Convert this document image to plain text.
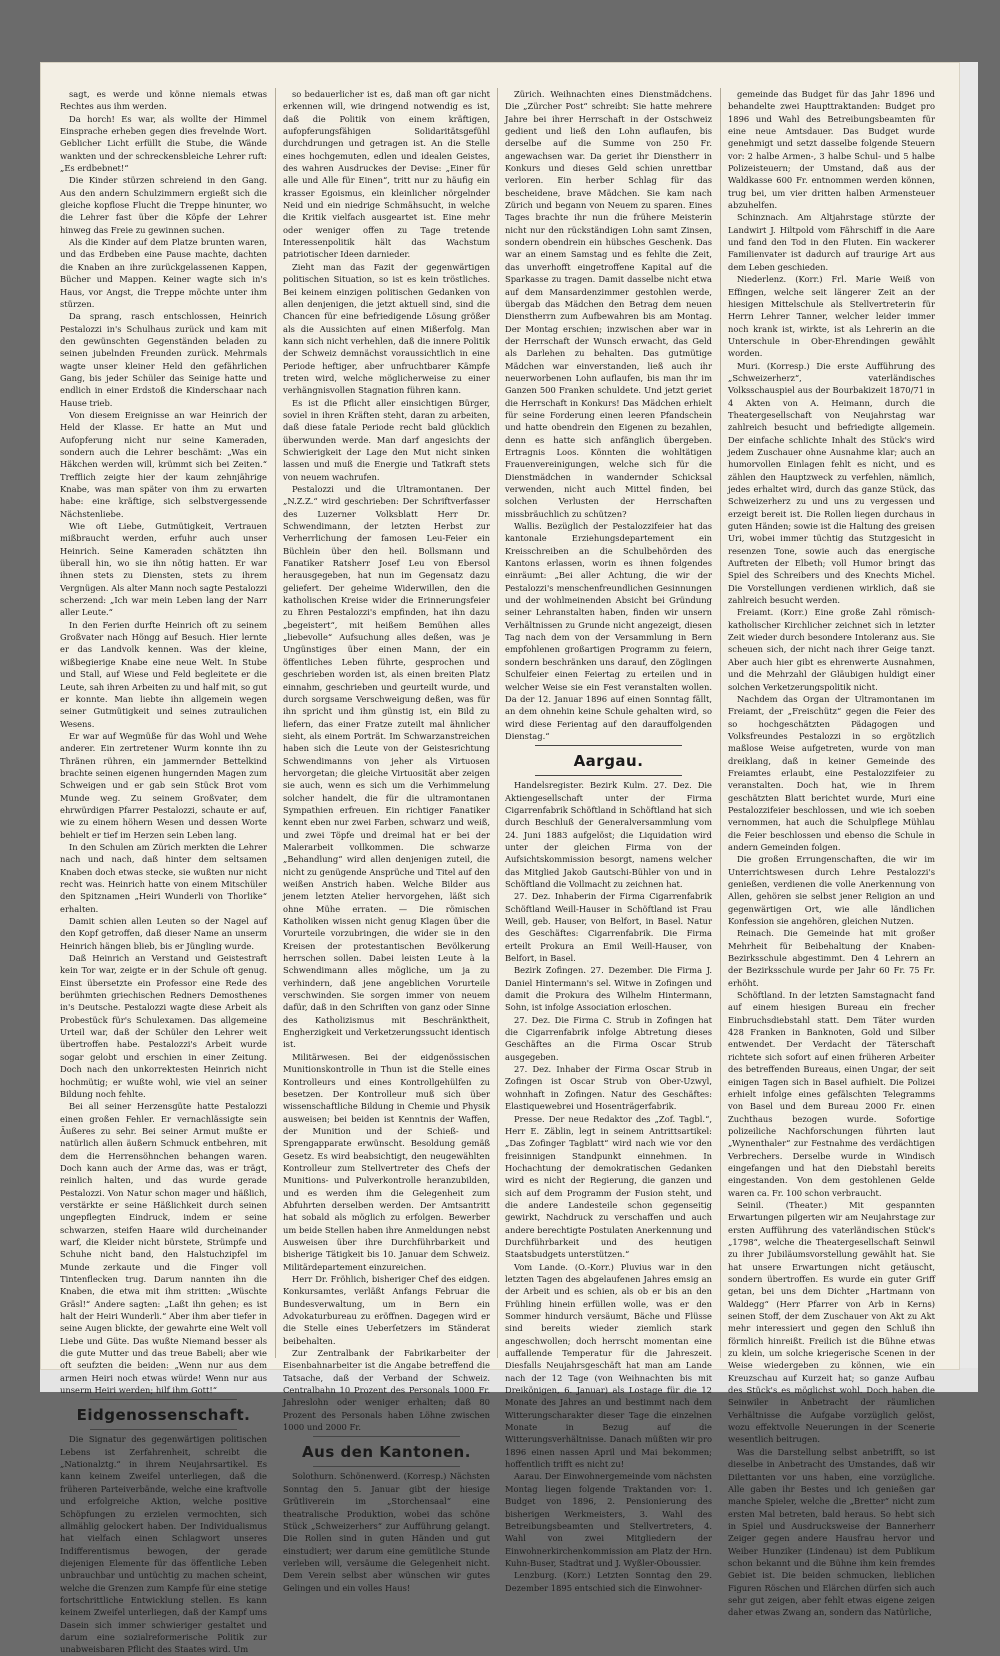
sagt, es werde und könne niemals etwas Rechtes aus ihm werden.

Da horch! Es war, als wollte der Himmel Einsprache erheben gegen dies frevelnde Wort. Geblicher Licht erfüllt die Stube, die Wände wankten und der schreckensbleiche Lehrer ruft: „Es erdbebnet!“

Die Kinder stürzen schreiend in den Gang. Aus den andern Schulzimmern ergießt sich die gleiche kopflose Flucht die Treppe hinunter, wo die Lehrer fast über die Köpfe der Lehrer hinweg das Freie zu gewinnen suchen.

Als die Kinder auf dem Platze brunten waren, und das Erdbeben eine Pause machte, dachten die Knaben an ihre zurückgelassenen Kappen, Bücher und Mappen. Keiner wagte sich in's Haus, vor Angst, die Treppe möchte unter ihm stürzen.

Da sprang, rasch entschlossen, Heinrich Pestalozzi in's Schulhaus zurück und kam mit den gewünschten Gegenständen beladen zu seinen jubelnden Freunden zurück. Mehrmals wagte unser kleiner Held den gefährlichen Gang, bis jeder Schüler das Seinige hatte und endlich in einer Erdstoß die Kinderschaar nach Hause trieb.

Von diesem Ereignisse an war Heinrich der Held der Klasse. Er hatte an Mut und Aufopferung nicht nur seine Kameraden, sondern auch die Lehrer beschämt: „Was ein Häkchen werden will, krümmt sich bei Zeiten.“ Trefflich zeigte hier der kaum zehnjährige Knabe, was man später von ihm zu erwarten habe: eine kräftige, sich selbstvergessende Nächstenliebe.

Wie oft Liebe, Gutmütigkeit, Vertrauen mißbraucht werden, erfuhr auch unser Heinrich. Seine Kameraden schätzten ihn überall hin, wo sie ihn nötig hatten. Er war ihnen stets zu Diensten, stets zu ihrem Vergnügen. Als alter Mann noch sagte Pestalozzi scherzend: „Ich war mein Leben lang der Narr aller Leute.“

In den Ferien durfte Heinrich oft zu seinem Großvater nach Höngg auf Besuch. Hier lernte er das Landvolk kennen. Was der kleine, wißbegierige Knabe eine neue Welt. In Stube und Stall, auf Wiese und Feld begleitete er die Leute, sah ihren Arbeiten zu und half mit, so gut er konnte. Man liebte ihn allgemein wegen seiner Gutmütigkeit und seines zutraulichen Wesens.

Er war auf Wegmüße für das Wohl und Wehe anderer. Ein zertretener Wurm konnte ihn zu Thränen rühren, ein jammernder Bettelkind brachte seinen eigenen hungernden Magen zum Schweigen und er gab sein Stück Brot vom Munde weg. Zu seinem Großvater, dem ehrwürdigen Pfarrer Pestalozzi, schaute er auf, wie zu einem höhern Wesen und dessen Worte behielt er tief im Herzen sein Leben lang.

In den Schulen am Zürich merkten die Lehrer nach und nach, daß hinter dem seltsamen Knaben doch etwas stecke, sie wußten nur nicht recht was. Heinrich hatte von einem Mitschüler den Spitznamen „Heiri Wunderli von Thorlike“ erhalten.

Damit schien allen Leuten so der Nagel auf den Kopf getroffen, daß dieser Name an unserm Heinrich hängen blieb, bis er Jüngling wurde.

Daß Heinrich an Verstand und Geistestraft kein Tor war, zeigte er in der Schule oft genug. Einst übersetzte ein Professor eine Rede des berühmten griechischen Redners Demosthenes in's Deutsche. Pestalozzi wagte diese Arbeit als Probestück für's Schulexamen. Das allgemeine Urteil war, daß der Schüler den Lehrer weit übertroffen habe. Pestalozzi's Arbeit wurde sogar gelobt und erschien in einer Zeitung. Doch nach den unkorrektesten Heinrich nicht hochmütig; er wußte wohl, wie viel an seiner Bildung noch fehlte.

Bei all seiner Herzensgüte hatte Pestalozzi einen großen Fehler. Er vernachlässigte sein Äußeres zu sehr. Bei seiner Armut mußte er natürlich allen äußern Schmuck entbehren, mit dem die Herrensöhnchen behangen waren. Doch kann auch der Arme das, was er trägt, reinlich halten, und das wurde gerade Pestalozzi. Von Natur schon mager und häßlich, verstärkte er seine Häßlichkeit durch seinen ungepflegten Eindruck, indem er seine schwarzen, steifen Haare wild durcheinander warf, die Kleider nicht bürstete, Strümpfe und Schuhe nicht band, den Halstuchzipfel im Munde zerkaute und die Finger voll Tintenflecken trug. Darum nannten ihn die Knaben, die etwa mit ihm stritten: „Wüschte Gräsl!“ Andere sagten: „Laßt ihn gehen; es ist halt der Heiri Wunderli.“ Aber ihm aber tiefer in seine Augen blickte, der gewahrte eine Welt voll Liebe und Güte. Das wußte Niemand besser als die gute Mutter und das treue Babeli; aber wie oft seufzten die beiden: „Wenn nur aus dem armen Heiri noch etwas würde! Wenn nur aus unserm Heiri werden; hilf ihm Gott!“

Eidgenossenschaft.

Die Signatur des gegenwärtigen politischen Lebens ist Zerfahrenheit, schreibt die „Nationalztg.“ in ihrem Neujahrsartikel. Es kann keinem Zweifel unterliegen, daß die früheren Parteiverbände, welche eine kraftvolle und erfolgreiche Aktion, welche positive Schöpfungen zu erzielen vermochten, sich allmählig gelockert haben. Der Individualismus hat vielfach einen Schlagwort unseres Indifferentismus bewogen, der gerade diejenigen Elemente für das öffentliche Leben unbrauchbar und untüchtig zu machen scheint, welche die Grenzen zum Kampfe für eine stetige fortschrittliche Entwicklung stellen. Es kann keinem Zweifel unterliegen, daß der Kampf ums Dasein sich immer schwieriger gestaltet und darum eine sozialreformerische Politik zur unabweisbaren Pflicht des Staates wird. Um

so bedauerlicher ist es, daß man oft gar nicht erkennen will, wie dringend notwendig es ist, daß die Politik von einem kräftigen, aufopferungsfähigen Solidaritätsgefühl durchdrungen und getragen ist. An die Stelle eines hochgemuten, edlen und idealen Geistes, des wahren Ausdruckes der Devise: „Einer für alle und Alle für Einen“, tritt nur zu häufig ein krasser Egoismus, ein kleinlicher nörgelnder Neid und ein niedrige Schmähsucht, in welche die Kritik vielfach ausgeartet ist. Eine mehr oder weniger offen zu Tage tretende Interessenpolitik hält das Wachstum patriotischer Ideen darnieder.

Zieht man das Fazit der gegenwärtigen politischen Situation, so ist es kein tröstliches. Bei keinem einzigen politischen Gedanken von allen denjenigen, die jetzt aktuell sind, sind die Chancen für eine befriedigende Lösung größer als die Aussichten auf einen Mißerfolg. Man kann sich nicht verhehlen, daß die innere Politik der Schweiz demnächst voraussichtlich in eine Periode heftiger, aber unfruchtbarer Kämpfe treten wird, welche möglicherweise zu einer verhängnisvollen Stagnation führen kann.

Es ist die Pflicht aller einsichtigen Bürger, soviel in ihren Kräften steht, daran zu arbeiten, daß diese fatale Periode recht bald glücklich überwunden werde. Man darf angesichts der Schwierigkeit der Lage den Mut nicht sinken lassen und muß die Energie und Tatkraft stets von neuem wachrufen.

Pestalozzi und die Ultramontanen. Der „N.Z.Z.“ wird geschrieben: Der Schriftverfasser des Luzerner Volksblatt Herr Dr. Schwendimann, der letzten Herbst zur Verherrlichung der famosen Leu-Feier ein Büchlein über den heil. Bollsmann und Fanatiker Ratsherr Josef Leu von Ebersol herausgegeben, hat nun im Gegensatz dazu geliefert. Der geheime Widerwillen, den die katholischen Kreise wider die Erinnerungsfeier zu Ehren Pestalozzi's empfinden, hat ihn dazu „begeistert“, mit heißem Bemühen alles „liebevolle“ Aufsuchung alles deßen, was je Ungünstiges über einen Mann, der ein öffentliches Leben führte, gesprochen und geschrieben worden ist, als einen breiten Platz einnahm, geschrieben und geurteilt wurde, und durch sorgsame Verschweigung deßen, was für ihn spricht und ihm günstig ist, ein Bild zu liefern, das einer Fratze zuteilt mal ähnlicher sieht, als einem Porträt. Im Schwarzanstreichen haben sich die Leute von der Geistesrichtung Schwendimanns von jeher als Virtuosen hervorgetan; die gleiche Virtuosität aber zeigen sie auch, wenn es sich um die Verhimmelung solcher handelt, die für die ultramontanen Sympathien erfreuen. Ein richtiger Fanatiker kennt eben nur zwei Farben, schwarz und weiß, und zwei Töpfe und dreimal hat er bei der Malerarbeit vollkommen. Die schwarze „Behandlung“ wird allen denjenigen zuteil, die nicht zu genügende Ansprüche und Titel auf den weißen Anstrich haben. Welche Bilder aus jenem letzten Atelier hervorgehen, läßt sich ohne Mühe erraten. — Die römischen Katholiken wissen nicht genug Klagen über die Vorurteile vorzubringen, die wider sie in den Kreisen der protestantischen Bevölkerung herrschen sollen. Dabei leisten Leute à la Schwendimann alles mögliche, um ja zu verhindern, daß jene angeblichen Vorurteile verschwinden. Sie sorgen immer von neuem dafür, daß in den Schriften von ganz oder Sinne des Katholizismus mit Beschränktheit, Engherzigkeit und Verketzerungssucht identisch ist.

Militärwesen. Bei der eidgenössischen Munitionskontrolle in Thun ist die Stelle eines Kontrolleurs und eines Kontrollgehülfen zu besetzen. Der Kontrolleur muß sich über wissenschaftliche Bildung in Chemie und Physik ausweisen; bei beiden ist Kenntnis der Waffen, der Munition und der Schieß- und Sprengapparate erwünscht. Besoldung gemäß Gesetz. Es wird beabsichtigt, den neugewählten Kontrolleur zum Stellvertreter des Chefs der Munitions- und Pulverkontrolle heranzubilden, und es werden ihm die Gelegenheit zum Abfuhrten derselben werden. Der Amtsantritt hat sobald als möglich zu erfolgen. Bewerber um beide Stellen haben ihre Anmeldungen nebst Ausweisen über ihre Durchführbarkeit und bisherige Tätigkeit bis 10. Januar dem Schweiz. Militärdepartement einzureichen.

Herr Dr. Fröhlich, bisheriger Chef des eidgen. Konkursamtes, verläßt Anfangs Februar die Bundesverwaltung, um in Bern ein Advokaturbureau zu eröffnen. Dagegen wird er die Stelle eines Ueberſetzers im Ständerat beibehalten.

Zur Zentralbank der Fabrikarbeiter der Eisenbahnarbeiter ist die Angabe betreffend die Tatsache, daß der Verband der Schweiz. Centralbahn 10 Prozent des Personals 1000 Fr. Jahreslohn oder weniger erhalten; daß 80 Prozent des Personals haben Löhne zwischen 1000 und 2000 Fr.

Aus den Kantonen.

Solothurn. Schönenwerd. (Korresp.) Nächsten Sonntag den 5. Januar gibt der hiesige Grütliverein im „Storchensaal“ eine theatralische Produktion, wobei das schöne Stück „Schweizerhers“ zur Aufführung gelangt. Die Rollen sind in guten Händen und gut einstudiert; wer darum eine gemütliche Stunde verleben will, versäume die Gelegenheit nicht. Dem Verein selbst aber wünschen wir gutes Gelingen und ein volles Haus!

Zürich. Weihnachten eines Dienstmädchens. Die „Zürcher Post“ schreibt: Sie hatte mehrere Jahre bei ihrer Herrschaft in der Ostschweiz gedient und ließ den Lohn auflaufen, bis derselbe auf die Summe von 250 Fr. angewachsen war. Da geriet ihr Dienstherr in Konkurs und dieses Geld schien unrettbar verloren. Ein herber Schlag für das bescheidene, brave Mädchen. Sie kam nach Zürich und begann von Neuem zu sparen. Eines Tages brachte ihr nun die frühere Meisterin nicht nur den rückständigen Lohn samt Zinsen, sondern obendrein ein hübsches Geschenk. Das war an einem Samstag und es fehlte die Zeit, das unverhofft eingetroffene Kapital auf die Sparkasse zu tragen. Damit dasselbe nicht etwa auf dem Mansardenzimmer gestohlen werde, übergab das Mädchen den Betrag dem neuen Dienstherrn zum Aufbewahren bis am Montag. Der Montag erschien; inzwischen aber war in der Herrschaft der Wunsch erwacht, das Geld als Darlehen zu behalten. Das gutmütige Mädchen war einverstanden, ließ auch ihr neuerworbenen Lohn auflaufen, bis man ihr im Ganzen 500 Franken schuldete. Und jetzt geriet die Herrschaft in Konkurs! Das Mädchen erhielt für seine Forderung einen leeren Pfandschein und hatte obendrein den Eigenen zu bezahlen, denn es hatte sich anfänglich übergeben. Ertragnis Loos. Könnten die wohltätigen Frauenvereinigungen, welche sich für die Dienstmädchen in wandernder Schicksal verwenden, nicht auch Mittel finden, bei solchen Verlusten der Herrschaften missbräuchlich zu schützen?

Wallis. Bezüglich der Pestalozzifeier hat das kantonale Erziehungsdepartement ein Kreisschreiben an die Schulbehörden des Kantons erlassen, worin es ihnen folgendes einräumt: „Bei aller Achtung, die wir der Pestalozzi's menschenfreundlichen Gesinnungen und der wohlmeinenden Absicht bei Gründung seiner Lehranstalten haben, finden wir unsern Verhältnissen zu Grunde nicht angezeigt, diesen Tag nach dem von der Versammlung in Bern empfohlenen großartigen Programm zu feiern, sondern beschränken uns darauf, den Zöglingen Schulfeier einen Feiertag zu erteilen und in welcher Weise sie ein Fest veranstalten wollen. Da der 12. Januar 1896 auf einen Sonntag fällt, an dem ohnehin keine Schule gehalten wird, so wird diese Ferientag auf den darauffolgenden Dienstag.“

Aargau.

Handelsregister. Bezirk Kulm. 27. Dez. Die Aktiengesellschaft unter der Firma Cigarrenfabrik Schöftland in Schöftland hat sich durch Beschluß der Generalversammlung vom 24. Juni 1883 aufgelöst; die Liquidation wird unter der gleichen Firma von der Aufsichtskommission besorgt, namens welcher das Mitglied Jakob Gautschi-Bühler von und in Schöftland die Vollmacht zu zeichnen hat.

27. Dez. Inhaberin der Firma Cigarrenfabrik Schöftland Weill-Hauser in Schöftland ist Frau Weill, geb. Hauser, von Belfort, in Basel. Natur des Geschäftes: Cigarrenfabrik. Die Firma erteilt Prokura an Emil Weill-Hauser, von Belfort, in Basel.

Bezirk Zofingen. 27. Dezember. Die Firma J. Daniel Hintermann's sel. Witwe in Zofingen und damit die Prokura des Wilhelm Hintermann, Sohn, ist infolge Association erloschen.

27. Dez. Die Firma C. Strub in Zofingen hat die Cigarrenfabrik infolge Abtretung dieses Geschäftes an die Firma Oscar Strub ausgegeben.

27. Dez. Inhaber der Firma Oscar Strub in Zofingen ist Oscar Strub von Ober-Uzwyl, wohnhaft in Zofingen. Natur des Geschäftes: Elastiquewebrei und Hosenträgerfabrik.

Presse. Der neue Redaktor des „Zof. Tagbl.“, Herr E. Zäblin, legt in seinem Antrittsartikel: „Das Zofinger Tagblatt“ wird nach wie vor den freisinnigen Standpunkt einnehmen. In Hochachtung der demokratischen Gedanken wird es nicht der Regierung, die ganzen und sich auf dem Programm der Fusion steht, und die andere Landesteile schon gegenseitig gewirkt, Nachdruck zu verschaffen und auch andere berechtigte Postulaten Anerkennung und Durchführbarkeit und des heutigen Staatsbudgets unterstützen.“

Vom Lande. (O.-Korr.) Pluvius war in den letzten Tagen des abgelaufenen Jahres emsig an der Arbeit und es schien, als ob er bis an den Frühling hinein erfüllen wolle, was er den Sommer hindurch versäumt, Bäche und Flüsse sind bereits wieder ziemlich stark angeschwollen; doch herrscht momentan eine auffallende Temperatur für die Jahreszeit. Diesfalls Neujahrsgeschäft hat man am Lande nach der 12 Tage (von Weihnachten bis mit Dreikönigen, 6. Januar) als Lostage für die 12 Monate des Jahres an und bestimmt nach dem Witterungscharakter dieser Tage die einzelnen Monate in Bezug auf die Witterungsverhältnisse. Danach müßten wir pro 1896 einen nassen April und Mai bekommen; hoffentlich trifft es nicht zu!

Aarau. Der Einwohnergemeinde vom nächsten Montag liegen folgende Traktanden vor: 1. Budget von 1896, 2. Pensionierung des bisherigen Werkmeisters, 3. Wahl des Betreibungsbeamten und Stellvertreters, 4. Wahl von zwei Mitgliedern der Einwohnerkirchenkommission am Platz der Hrn. Kuhn-Buser, Stadtrat und J. Wyßler-Oboussier.

Lenzburg. (Korr.) Letzten Sonntag den 29. Dezember 1895 entschied sich die Einwohner-

gemeinde das Budget für das Jahr 1896 und behandelte zwei Haupttraktanden: Budget pro 1896 und Wahl des Betreibungsbeamten für eine neue Amtsdauer. Das Budget wurde genehmigt und setzt dasselbe folgende Steuern vor: 2 halbe Armen-, 3 halbe Schul- und 5 halbe Polizeisteuern; der Umstand, daß aus der Waldkasse 600 Fr. entnommen werden können, trug bei, um vier dritten halben Armensteuer abzuhelfen.

Schinznach. Am Altjahrstage stürzte der Landwirt J. Hiltpold vom Fährschiff in die Aare und fand den Tod in den Fluten. Ein wackerer Familienvater ist dadurch auf traurige Art aus dem Leben geschieden.

Niederlenz. (Korr.) Frl. Marie Weiß von Effingen, welche seit längerer Zeit an der hiesigen Mittelschule als Stellvertreterin für Herrn Lehrer Tanner, welcher leider immer noch krank ist, wirkte, ist als Lehrerin an die Unterschule in Ober-Ehrendingen gewählt worden.

Muri. (Korresp.) Die erste Aufführung des „Schweizerherz“, vaterländisches Volksschauspiel aus der Bourbakizeit 1870/71 in 4 Akten von A. Heimann, durch die Theatergesellschaft von Neujahrstag war zahlreich besucht und befriedigte allgemein. Der einfache schlichte Inhalt des Stück's wird jedem Zuschauer ohne Ausnahme klar; auch an humorvollen Einlagen fehlt es nicht, und es zählen den Hauptzweck zu verfehlen, nämlich, jedes erhaltet wird, durch das ganze Stück, das Schweizerherz zu und uns zu vergessen und erzeigt bereit ist. Die Rollen liegen durchaus in guten Händen; sowie ist die Haltung des greisen Uri, wobei immer tüchtig das Stutzgesicht in resenzen Tone, sowie auch das energische Auftreten der Elbeth; voll Humor bringt das Spiel des Schreibers und des Knechts Michel. Die Vorstellungen verdienen wirklich, daß sie zahlreich besucht werden.

Freiamt. (Korr.) Eine große Zahl römisch-katholischer Kirchlicher zeichnet sich in letzter Zeit wieder durch besondere Intoleranz aus. Sie scheuen sich, der nicht nach ihrer Geige tanzt. Aber auch hier gibt es ehrenwerte Ausnahmen, und die Mehrzahl der Gläubigen huldigt einer solchen Verketzerungspolitik nicht.

Nachdem das Organ der Ultramontanen im Freiamt, der „Freischütz“ gegen die Feier des so hochgeschätzten Pädagogen und Volksfreundes Pestalozzi in so ergötzlich maßlose Weise aufgetreten, wurde von man dreiklang, daß in keiner Gemeinde des Freiamtes erlaubt, eine Pestalozzifeier zu veranstalten. Doch hat, wie in Ihrem geschätzten Blatt berichtet wurde, Muri eine Pestalozzifeier beschlossen, und wie ich soeben vernommen, hat auch die Schulpflege Mühlau die Feier beschlossen und ebenso die Schule in andern Gemeinden folgen.

Die großen Errungenschaften, die wir im Unterrichtswesen durch Lehre Pestalozzi's genießen, verdienen die volle Anerkennung von Allen, gehören sie selbst jener Religion an und gegenwärtigen Ort, wie alle ländlichen Konfession sie angehören, gleichen Nutzen.

Reinach. Die Gemeinde hat mit großer Mehrheit für Beibehaltung der Knaben-Bezirksschule abgestimmt. Den 4 Lehrern an der Bezirksschule wurde per Jahr 60 Fr. 75 Fr. erhöht.

Schöftland. In der letzten Samstagnacht fand auf einem hiesigen Bureau ein frecher Einbruchsdiebstahl statt. Dem Täter wurden 428 Franken in Banknoten, Gold und Silber entwendet. Der Verdacht der Täterschaft richtete sich sofort auf einen früheren Arbeiter des betreffenden Bureaus, einen Ungar, der seit einigen Tagen sich in Basel aufhielt. Die Polizei erhielt infolge eines gefälschten Telegramms von Basel und dem Bureau 2000 Fr. einen Zuchthaus bezogen wurde. Sofortige polizeiliche Nachforschungen führten laut „Wynenthaler“ zur Festnahme des verdächtigen Verbrechers. Derselbe wurde in Windisch eingefangen und hat den Diebstahl bereits eingestanden. Von dem gestohlenen Gelde waren ca. Fr. 100 schon verbraucht.

Seinil. (Theater.) Mit gespannten Erwartungen pilgerten wir am Neujahrstage zur ersten Aufführung des vaterländischen Stück's „1798“, welche die Theatergesellschaft Seinwil zu ihrer Jubiläumsvorstellung gewählt hat. Sie hat unsere Erwartungen nicht getäuscht, sondern übertroffen. Es wurde ein guter Griff getan, bei uns dem Dichter „Hartmann von Waldegg“ (Herr Pfarrer von Arb in Kerns) seinen Stoff, der dem Zuschauer von Akt zu Akt mehr interessiert und gegen den Schluß ihn förmlich hinreißt. Freilich ist die Bühne etwas zu klein, um solche kriegerische Scenen in der Weise wiedergeben zu können, wie ein Kreuzschau auf Kurzeit hat; so ganze Aufbau des Stück's es möglichst wohl. Doch haben die Seinwiler in Anbetracht der räumlichen Verhältnisse die Aufgabe vorzüglich gelöst, wozu effektvolle Neuerungen in der Scenerie wesentlich beitrugen.

Was die Darstellung selbst anbetrifft, so ist dieselbe in Anbetracht des Umstandes, daß wir Dilettanten vor uns haben, eine vorzügliche. Alle gaben ihr Bestes und ich genießen gar manche Spieler, welche die „Bretter“ nicht zum ersten Mal betreten, bald heraus. So hebt sich in Spiel und Ausdrucksweise der Bannerherr Zeiger gegen andere Hausfrau hervor und Weiber Hunziker (Lindenau) ist dem Publikum schon bekannt und die Bühne ihm kein fremdes Gebiet ist. Die beiden schmucken, lieblichen Figuren Röschen und Elärchen dürfen sich auch sehr gut zeigen, aber fehlt etwas eigene zeigen daher etwas Zwang an, sondern das Natürliche,
